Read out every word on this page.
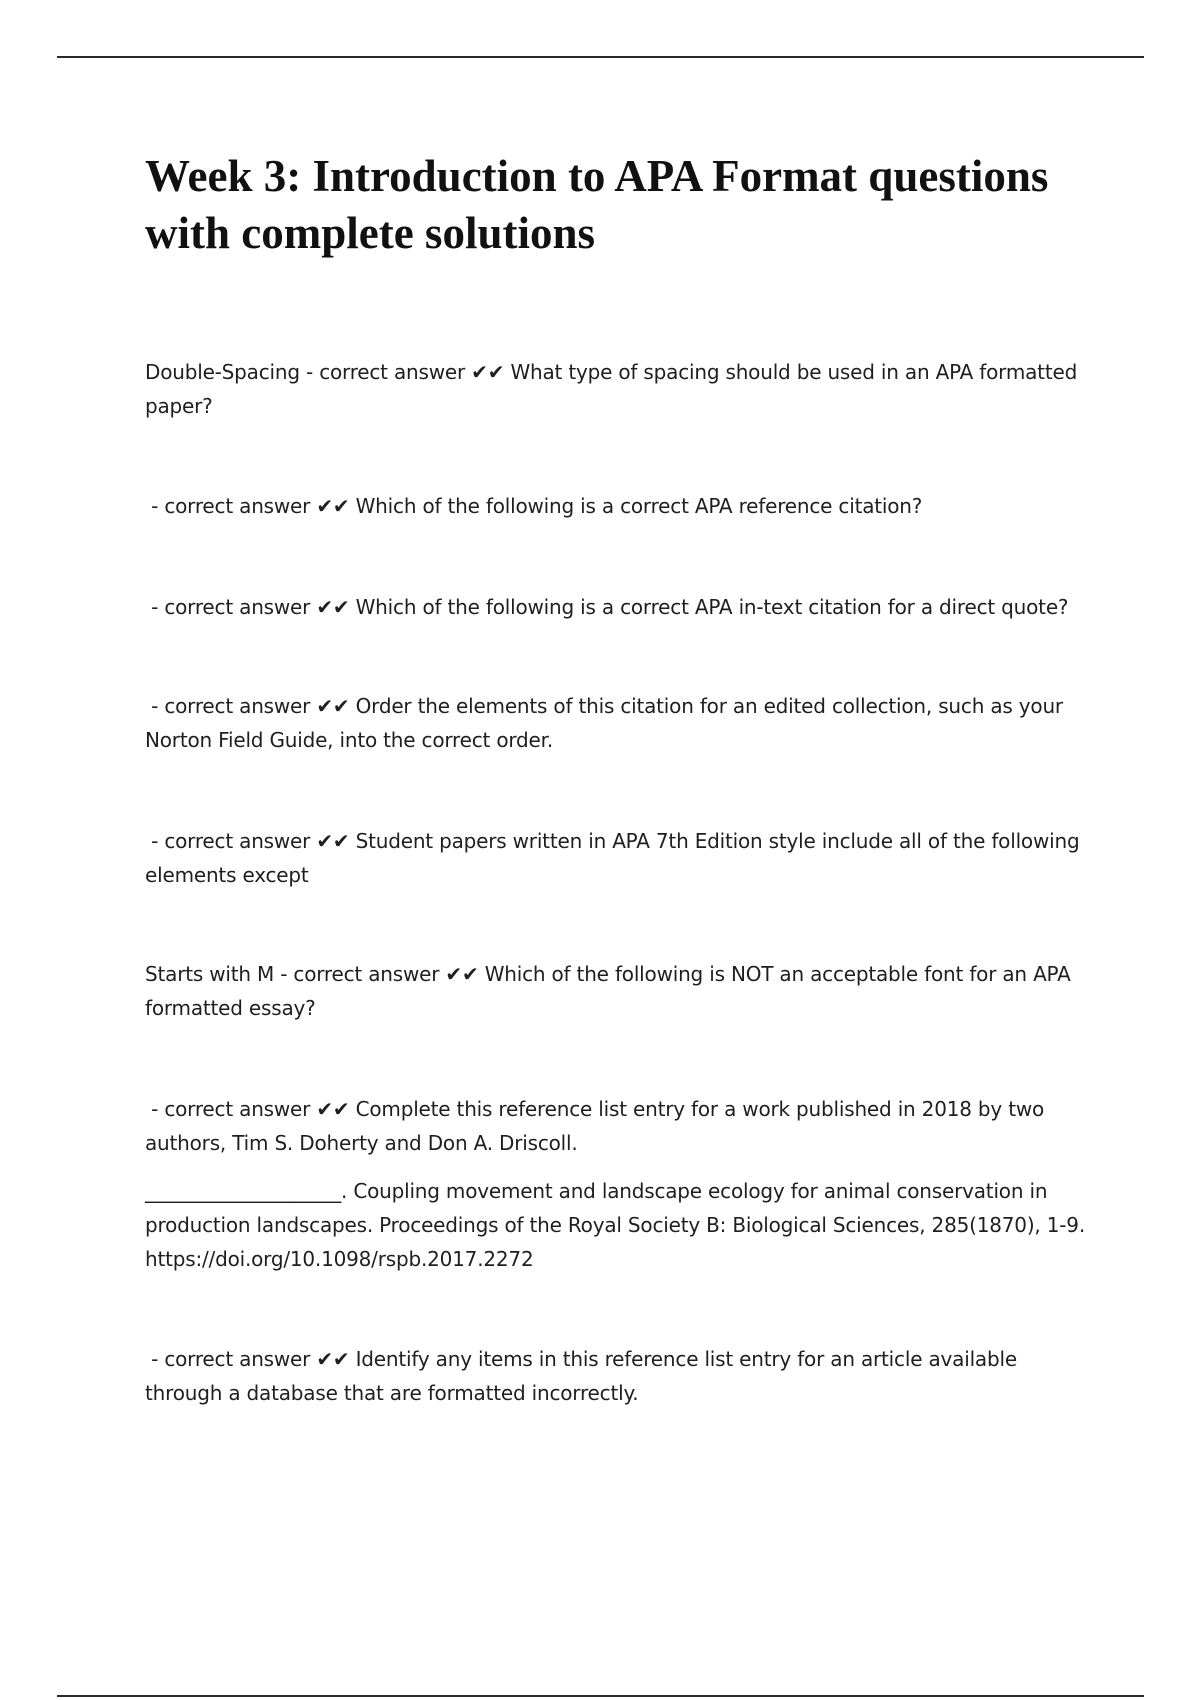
Week 3: Introduction to APA Format questions with complete solutions

Double-Spacing - correct answer ✔✔ What type of spacing should be used in an APA formatted paper?

- correct answer ✔✔ Which of the following is a correct APA reference citation?

- correct answer ✔✔ Which of the following is a correct APA in-text citation for a direct quote?

- correct answer ✔✔ Order the elements of this citation for an edited collection, such as your Norton Field Guide, into the correct order.

- correct answer ✔✔ Student papers written in APA 7th Edition style include all of the following elements except

Starts with M - correct answer ✔✔ Which of the following is NOT an acceptable font for an APA formatted essay?

- correct answer ✔✔ Complete this reference list entry for a work published in 2018 by two authors, Tim S. Doherty and Don A. Driscoll.

____________________. Coupling movement and landscape ecology for animal conservation in production landscapes. Proceedings of the Royal Society B: Biological Sciences, 285(1870), 1-9. https://doi.org/10.1098/rspb.2017.2272

- correct answer ✔✔ Identify any items in this reference list entry for an article available through a database that are formatted incorrectly.
